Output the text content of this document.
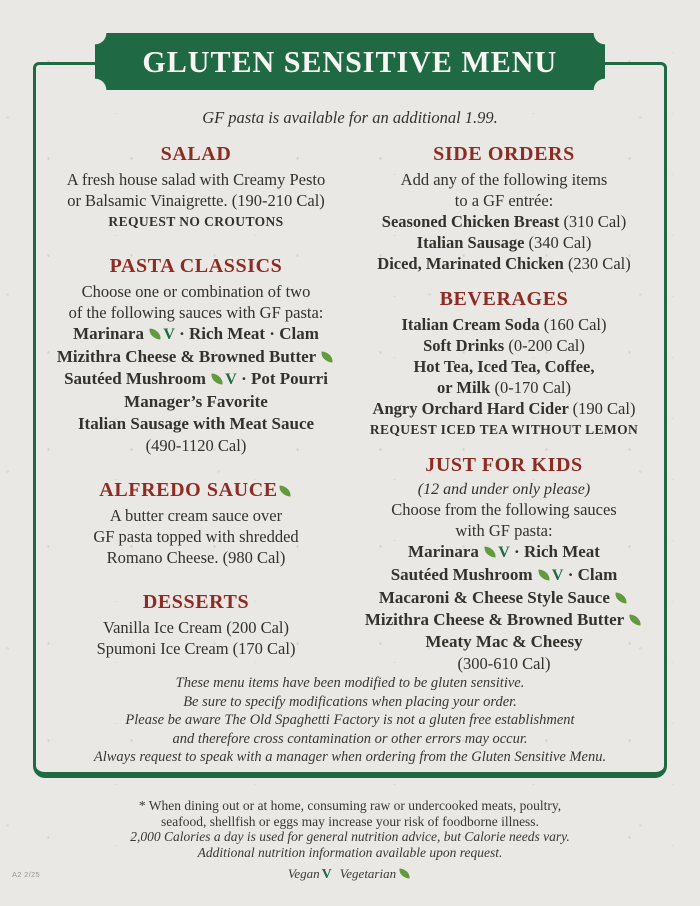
GLUTEN SENSITIVE MENU

GF pasta is available for an additional 1.99.

SALAD
A fresh house salad with Creamy Pesto
or Balsamic Vinaigrette. (190-210 Cal)
REQUEST NO CROUTONS
PASTA CLASSICS
Choose one or combination of two
of the following sauces with GF pasta:
Marinara V · Rich Meat · Clam
Mizithra Cheese & Browned Butter
Sautéed Mushroom V · Pot Pourri
Manager’s Favorite
Italian Sausage with Meat Sauce
(490-1120 Cal)
ALFREDO SAUCE
A butter cream sauce over
GF pasta topped with shredded
Romano Cheese. (980 Cal)
DESSERTS
Vanilla Ice Cream (200 Cal)
Spumoni Ice Cream (170 Cal)
SIDE ORDERS
Add any of the following items
to a GF entrée:
Seasoned Chicken Breast (310 Cal)
Italian Sausage (340 Cal)
Diced, Marinated Chicken (230 Cal)
BEVERAGES
Italian Cream Soda (160 Cal)
Soft Drinks (0-200 Cal)
Hot Tea, Iced Tea, Coffee,
or Milk (0-170 Cal)
Angry Orchard Hard Cider (190 Cal)
REQUEST ICED TEA WITHOUT LEMON
JUST FOR KIDS
(12 and under only please)
Choose from the following sauces
with GF pasta:
Marinara V · Rich Meat
Sautéed Mushroom V · Clam
Macaroni & Cheese Style Sauce
Mizithra Cheese & Browned Butter
Meaty Mac & Cheesy
(300-610 Cal)
These menu items have been modified to be gluten sensitive.
Be sure to specify modifications when placing your order.
Please be aware The Old Spaghetti Factory is not a gluten free establishment
and therefore cross contamination or other errors may occur.
Always request to speak with a manager when ordering from the Gluten Sensitive Menu.
* When dining out or at home, consuming raw or undercooked meats, poultry,
seafood, shellfish or eggs may increase your risk of foodborne illness.
2,000 Calories a day is used for general nutrition advice, but Calorie needs vary.
Additional nutrition information available upon request.
Vegan V Vegetarian
A2 2/25
